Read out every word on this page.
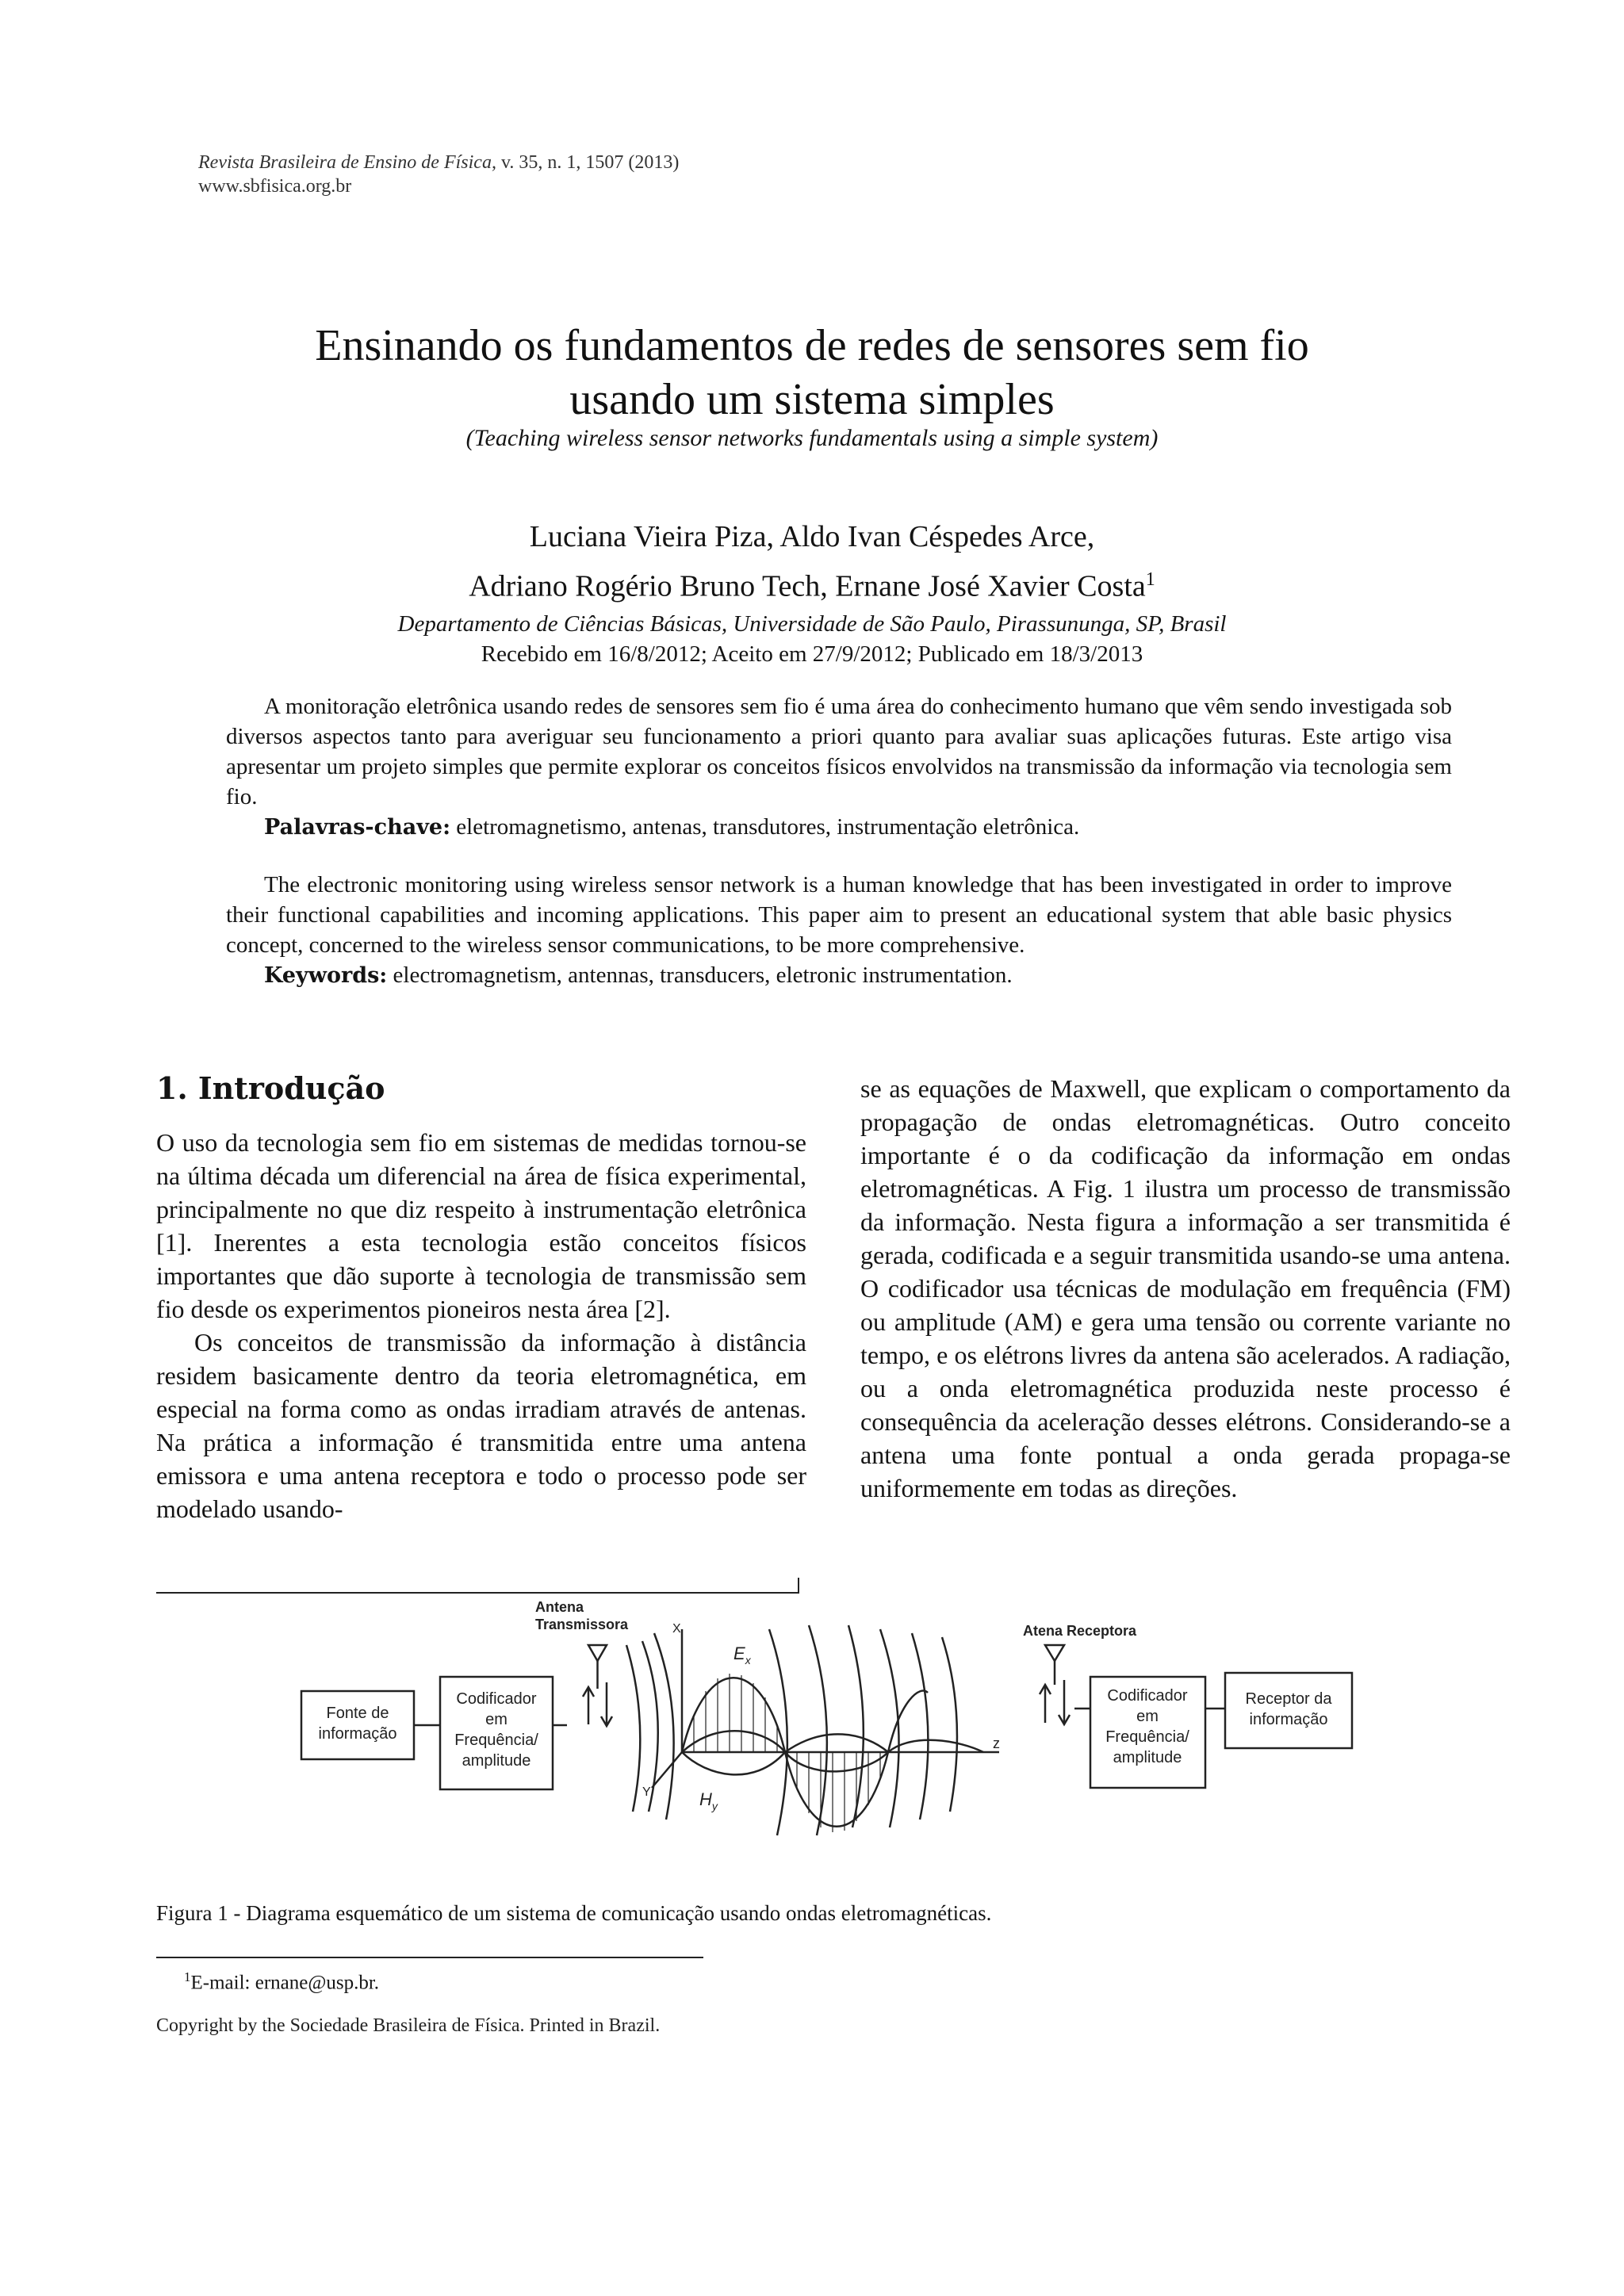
Revista Brasileira de Ensino de Física, v. 35, n. 1, 1507 (2013)
www.sbfisica.org.br
Ensinando os fundamentos de redes de sensores sem fio
usando um sistema simples
(Teaching wireless sensor networks fundamentals using a simple system)
Luciana Vieira Piza, Aldo Ivan Céspedes Arce,
Adriano Rogério Bruno Tech, Ernane José Xavier Costa$^1$
Departamento de Ciências Básicas, Universidade de São Paulo, Pirassununga, SP, Brasil
Recebido em 16/8/2012; Aceito em 27/9/2012; Publicado em 18/3/2013

A monitoração eletrônica usando redes de sensores sem fio é uma área do conhecimento humano que vêm sendo investigada sob diversos aspectos tanto para averiguar seu funcionamento a priori quanto para avaliar suas aplicações futuras. Este artigo visa apresentar um projeto simples que permite explorar os conceitos físicos envolvidos na transmissão da informação via tecnologia sem fio.

Palavras-chave: eletromagnetismo, antenas, transdutores, instrumentação eletrônica.

The electronic monitoring using wireless sensor network is a human knowledge that has been investigated in order to improve their functional capabilities and incoming applications. This paper aim to present an educational system that able basic physics concept, concerned to the wireless sensor communications, to be more comprehensive.

Keywords: electromagnetism, antennas, transducers, eletronic instrumentation.

1. Introdução

O uso da tecnologia sem fio em sistemas de medidas tornou-se na última década um diferencial na área de física experimental, principalmente no que diz respeito à instrumentação eletrônica [1]. Inerentes a esta tecnologia estão conceitos físicos importantes que dão suporte à tecnologia de transmissão sem fio desde os experimentos pioneiros nesta área [2].

Os conceitos de transmissão da informação à distância residem basicamente dentro da teoria eletromagnética, em especial na forma como as ondas irradiam através de antenas. Na prática a informação é transmitida entre uma antena emissora e uma antena receptora e todo o processo pode ser modelado usando-

se as equações de Maxwell, que explicam o comportamento da propagação de ondas eletromagnéticas. Outro conceito importante é o da codificação da informação em ondas eletromagnéticas. A Fig. 1 ilustra um processo de transmissão da informação. Nesta figura a informação a ser transmitida é gerada, codificada e a seguir transmitida usando-se uma antena. O codificador usa técnicas de modulação em frequência (FM) ou amplitude (AM) e gera uma tensão ou corrente variante no tempo, e os elétrons livres da antena são acelerados. A radiação, ou a onda eletromagnética produzida neste processo é consequência da aceleração desses elétrons. Considerando-se a antena uma fonte pontual a onda gerada propaga-se uniformemente em todas as direções.

Fonte de
informação
Codificador
em
Frequência/
amplitude
Codificador
em
Frequência/
amplitude
Receptor da
informação
Antena
Transmissora	Atena Receptora
X
Y
z
$E_x$
$H_y$
Figura 1 - Diagrama esquemático de um sistema de comunicação usando ondas eletromagnéticas.
$^1$E-mail: ernane@usp.br.
Copyright by the Sociedade Brasileira de Física. Printed in Brazil.
